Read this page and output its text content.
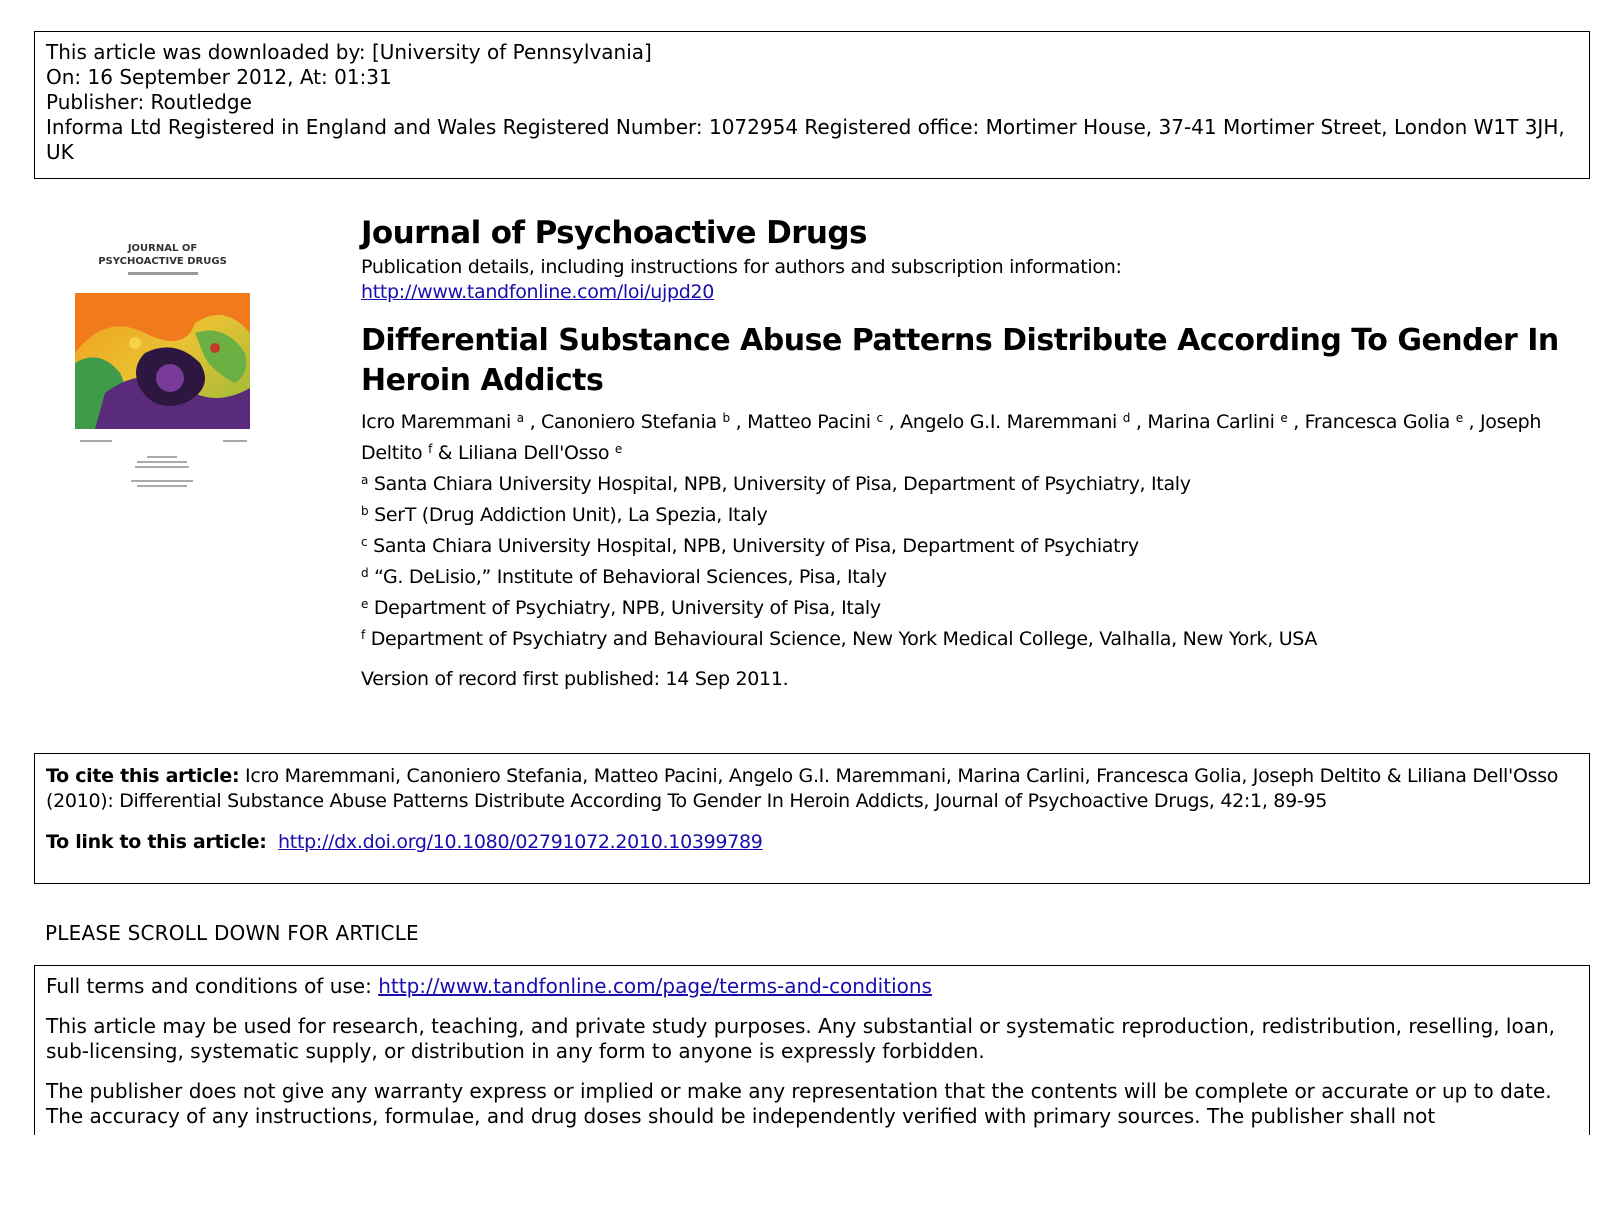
This article was downloaded by: [University of Pennsylvania]
On: 16 September 2012, At: 01:31
Publisher: Routledge
Informa Ltd Registered in England and Wales Registered Number: 1072954 Registered office: Mortimer House, 37-41 Mortimer Street, London W1T 3JH, UK
JOURNAL OF
PSYCHOACTIVE DRUGS
Journal of Psychoactive Drugs
Publication details, including instructions for authors and subscription information:
http://www.tandfonline.com/loi/ujpd20
Differential Substance Abuse Patterns Distribute According To Gender In Heroin Addicts
Icro Maremmani $^a$ , Canoniero Stefania $^b$ , Matteo Pacini $^c$ , Angelo G.I. Maremmani $^d$ , Marina Carlini $^e$ , Francesca Golia $^e$ , Joseph Deltito $^f$ & Liliana Dell'Osso $^e$
$^a$ Santa Chiara University Hospital, NPB, University of Pisa, Department of Psychiatry, Italy
$^b$ SerT (Drug Addiction Unit), La Spezia, Italy
$^c$ Santa Chiara University Hospital, NPB, University of Pisa, Department of Psychiatry
$^d$ “G. DeLisio,” Institute of Behavioral Sciences, Pisa, Italy
$^e$ Department of Psychiatry, NPB, University of Pisa, Italy
$^f$ Department of Psychiatry and Behavioural Science, New York Medical College, Valhalla, New York, USA
Version of record first published: 14 Sep 2011.
To cite this article: Icro Maremmani, Canoniero Stefania, Matteo Pacini, Angelo G.I. Maremmani, Marina Carlini, Francesca Golia, Joseph Deltito & Liliana Dell'Osso (2010): Differential Substance Abuse Patterns Distribute According To Gender In Heroin Addicts, Journal of Psychoactive Drugs, 42:1, 89-95
To link to this article: http://dx.doi.org/10.1080/02791072.2010.10399789
PLEASE SCROLL DOWN FOR ARTICLE

Full terms and conditions of use: http://www.tandfonline.com/page/terms-and-conditions

This article may be used for research, teaching, and private study purposes. Any substantial or systematic reproduction, redistribution, reselling, loan, sub-licensing, systematic supply, or distribution in any form to anyone is expressly forbidden.

The publisher does not give any warranty express or implied or make any representation that the contents will be complete or accurate or up to date. The accuracy of any instructions, formulae, and drug doses should be independently verified with primary sources. The publisher shall not
